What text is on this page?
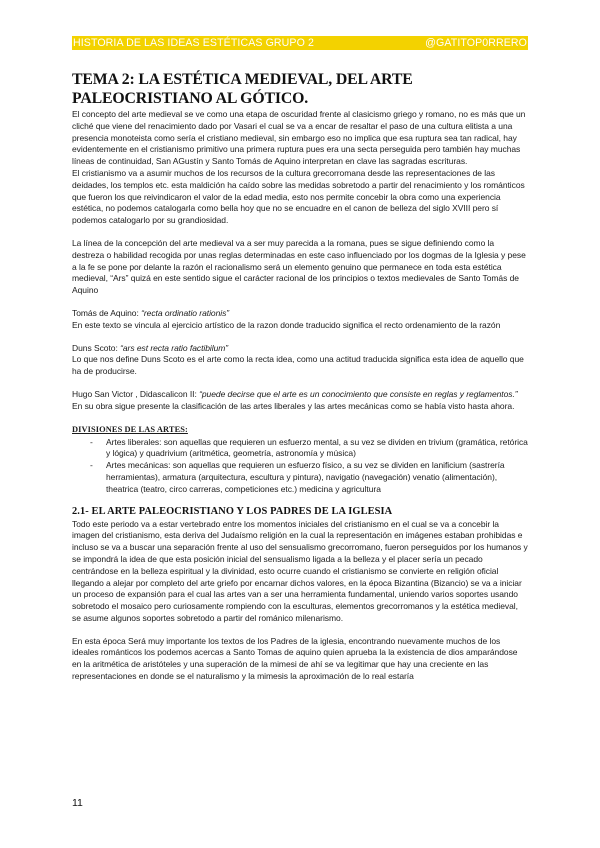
HISTORIA DE LAS IDEAS ESTÉTICAS GRUPO 2	@GATITOP0RRERO
TEMA 2: LA ESTÉTICA MEDIEVAL, DEL ARTE PALEOCRISTIANO AL GÓTICO.

El concepto del arte medieval se ve como una etapa de oscuridad frente al clasicismo griego y romano, no es más que un cliché que viene del renacimiento dado por Vasari el cual se va a encar de resaltar el paso de una cultura elitista a una presencia monoteista como sería el cristiano medieval, sin embargo eso no implica que esa ruptura sea tan radical, hay evidentemente en el cristianismo primitivo una primera ruptura pues era una secta perseguida pero también hay muchas líneas de continuidad, San AGustín y Santo Tomás de Aquino interpretan en clave las sagradas escrituras.

El cristianismo va a asumir muchos de los recursos de la cultura grecorromana desde las representaciones de las deidades, los templos etc. esta maldición ha caído sobre las medidas sobretodo a partir del renacimiento y los románticos que fueron los que reivindicaron el valor de la edad media, esto nos permite concebir la obra como una experiencia estética, no podemos catalogarla como bella hoy que no se encuadre en el canon de belleza del siglo XVIII pero sí podemos catalogarlo por su grandiosidad.

La línea de la concepción del arte medieval va a ser muy parecida a la romana, pues se sigue definiendo como la destreza o habilidad recogida por unas reglas determinadas en este caso influenciado por los dogmas de la Iglesia y pese a la fe se pone por delante la razón el racionalismo será un elemento genuino que permanece en toda esta estética medieval, “Ars” quizá en este sentido sigue el carácter racional de los principios o textos medievales de Santo Tomás de Aquino

Tomás de Aquino: “recta ordinatio rationis”

En este texto se vincula al ejercicio artístico de la razon donde traducido significa el recto ordenamiento de la razón

Duns Scoto: “ars est recta ratio factibilum”

Lo que nos define Duns Scoto es el arte como la recta idea, como una actitud traducida significa esta idea de aquello que ha de producirse.

Hugo San Victor , Didascalicon II: “puede decirse que el arte es un conocimiento que consiste en reglas y reglamentos.”

En su obra sigue presente la clasificación de las artes liberales y las artes mecánicas como se había visto hasta ahora.

DIVISIONES DE LAS ARTES:
- Artes liberales: son aquellas que requieren un esfuerzo mental, a su vez se dividen en trivium (gramática, retórica y lógica) y quadrivium (aritmética, geometría, astronomía y música)
- Artes mecánicas: son aquellas que requieren un esfuerzo físico, a su vez se dividen en lanificium (sastrería herramientas), armatura (arquitectura, escultura y pintura), navigatio (navegación) venatio (alimentación), theatrica (teatro, circo carreras, competiciones etc.) medicina y agricultura
2.1- EL ARTE PALEOCRISTIANO Y LOS PADRES DE LA IGLESIA

Todo este periodo va a estar vertebrado entre los momentos iniciales del cristianismo en el cual se va a concebir la imagen del cristianismo, esta deriva del Judaísmo religión en la cual la representación en imágenes estaban prohibidas e incluso se va a buscar una separación frente al uso del sensualismo grecorromano, fueron perseguidos por los humanos y se impondrá la idea de que esta posición inicial del sensualismo ligada a la belleza y el placer sería un pecado centrándose en la belleza espiritual y la divinidad, esto ocurre cuando el cristianismo se convierte en religión oficial llegando a alejar por completo del arte griefo por encarnar dichos valores, en la época Bizantina (Bizancio) se va a iniciar un proceso de expansión para el cual las artes van a ser una herramienta fundamental, uniendo varios soportes usando sobretodo el mosaico pero curiosamente rompiendo con la esculturas, elementos grecorromanos y la estética medieval, se asume algunos soportes sobretodo a partir del románico milenarismo.

En esta época Será muy importante los textos de los Padres de la iglesia, encontrando nuevamente muchos de los ideales románticos los podemos acercas a Santo Tomas de aquino quien aprueba la la existencia de dios amparándose en la aritmética de aristóteles y una superación de la mimesi de ahí se va legitimar que hay una creciente en las representaciones en donde se el naturalismo y la mimesis la aproximación de lo real estaría

11
